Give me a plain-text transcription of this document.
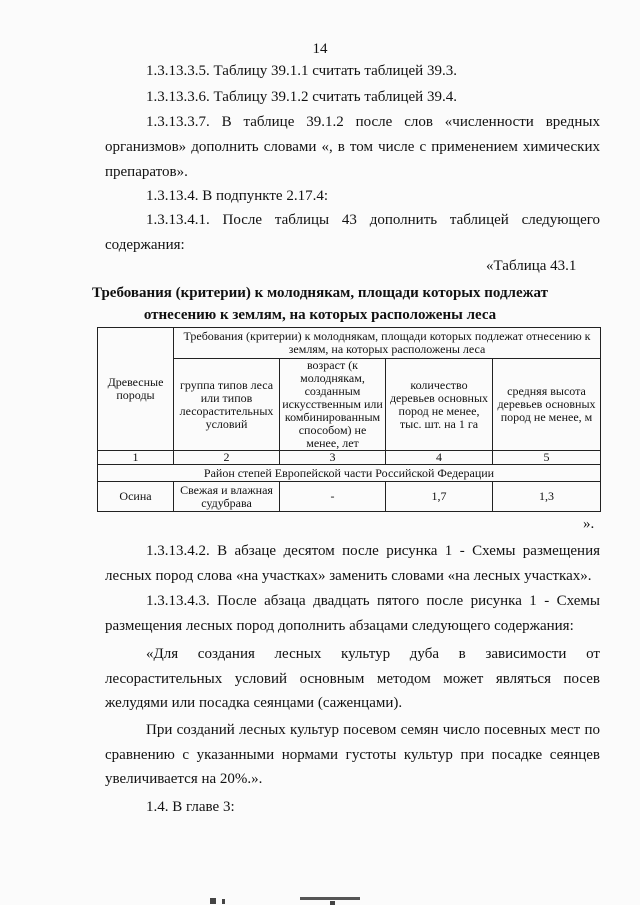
14
1.3.13.3.5. Таблицу 39.1.1 считать таблицей 39.3.
1.3.13.3.6. Таблицу 39.1.2 считать таблицей 39.4.
1.3.13.3.7. В таблице 39.1.2 после слов «численности вредных
организмов» дополнить словами «, в том числе с применением химических
препаратов».
1.3.13.4. В подпункте 2.17.4:
1.3.13.4.1. После таблицы 43 дополнить таблицей следующего
содержания:
«Таблица 43.1
Требования (критерии) к молоднякам, площади которых подлежат
отнесению к землям, на которых расположены леса
Древесные породы	Требования (критерии) к молоднякам, площади которых подлежат отнесению к землям, на которых расположены леса			
	группа типов леса или типов лесорастительных условий	возраст (к молоднякам, созданным искусственным или комбинированным способом) не менее, лет	количество деревьев основных пород не менее, тыс. шт. на 1 га	средняя высота деревьев основных пород не менее, м
1	2	3	4	5
Район степей Европейской части Российской Федерации				
Осина	Свежая и влажная судубрава	-	1,7	1,3
».
1.3.13.4.2. В абзаце десятом после рисунка 1 - Схемы размещения
лесных пород слова «на участках» заменить словами «на лесных участках».
1.3.13.4.3. После абзаца двадцать пятого после рисунка 1 - Схемы
размещения лесных пород дополнить абзацами следующего содержания:
«Для создания лесных культур дуба в зависимости от
лесорастительных условий основным методом может являться посев
желудями или посадка сеянцами (саженцами).
При созданий лесных культур посевом семян число посевных мест по
сравнению с указанными нормами густоты культур при посадке сеянцев
увеличивается на 20%.».
1.4. В главе 3:
